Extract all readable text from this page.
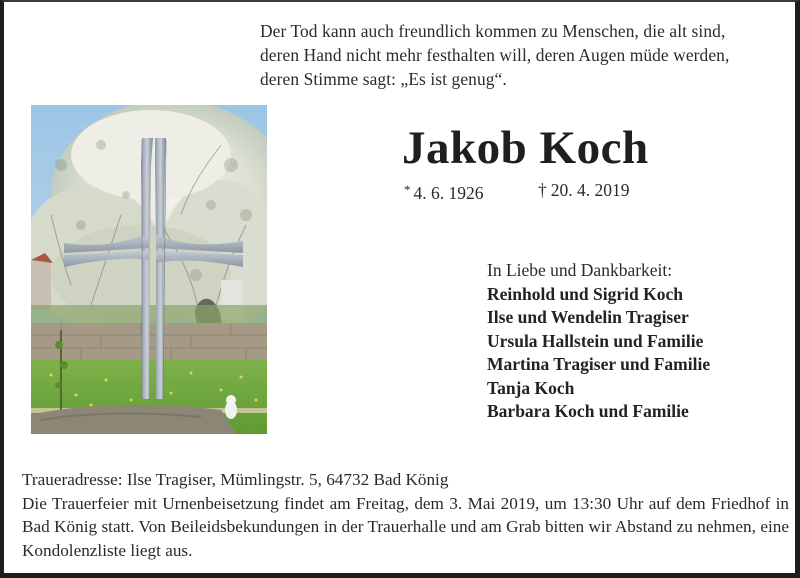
Der Tod kann auch freundlich kommen zu Menschen, die alt sind,
deren Hand nicht mehr festhalten will, deren Augen müde werden,
deren Stimme sagt: „Es ist genug“.
Jakob Koch
* 4. 6. 1926	† 20. 4. 2019
In Liebe und Dankbarkeit:
Reinhold und Sigrid Koch
Ilse und Wendelin Tragiser
Ursula Hallstein und Familie
Martina Tragiser und Familie
Tanja Koch
Barbara Koch und Familie
Traueradresse: Ilse Tragiser, Mümlingstr. 5, 64732 Bad König
Die Trauerfeier mit Urnenbeisetzung findet am Freitag, dem 3. Mai 2019, um 13:30 Uhr auf dem Friedhof in Bad König statt. Von Beileidsbekundungen in der Trauerhalle und am Grab bitten wir Abstand zu nehmen, eine Kondolenzliste liegt aus.
